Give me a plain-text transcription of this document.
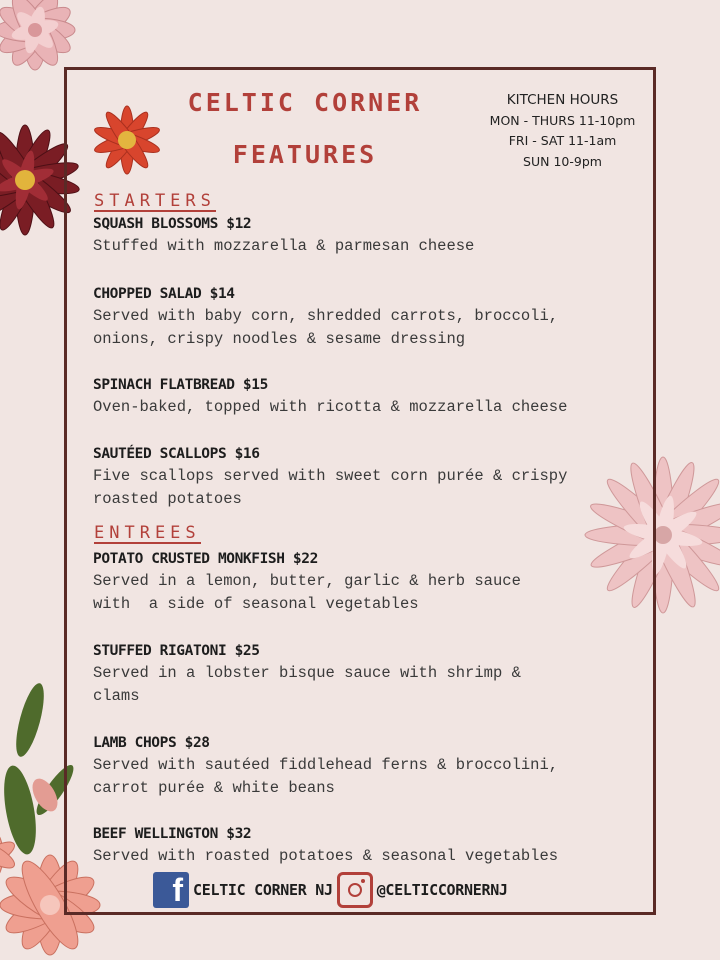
CELTIC CORNER
FEATURES
KITCHEN HOURS
MON - THURS 11-10pm
FRI - SAT 11-1am
SUN 10-9pm
STARTERS
SQUASH BLOSSOMS $12
Stuffed with mozzarella & parmesan cheese
CHOPPED SALAD $14
Served with baby corn, shredded carrots, broccoli,
onions, crispy noodles & sesame dressing
SPINACH FLATBREAD $15
Oven-baked, topped with ricotta & mozzarella cheese
SAUTÉED SCALLOPS $16
Five scallops served with sweet corn purée & crispy
roasted potatoes
ENTREES
POTATO CRUSTED MONKFISH $22
Served in a lemon, butter, garlic & herb sauce
with  a side of seasonal vegetables
STUFFED RIGATONI $25
Served in a lobster bisque sauce with shrimp &
clams
LAMB CHOPS $28
Served with sautéed fiddlehead ferns & broccolini,
carrot purée & white beans
BEEF WELLINGTON $32
Served with roasted potatoes & seasonal vegetables
f CELTIC CORNER NJ	@CELTICCORNERNJ
